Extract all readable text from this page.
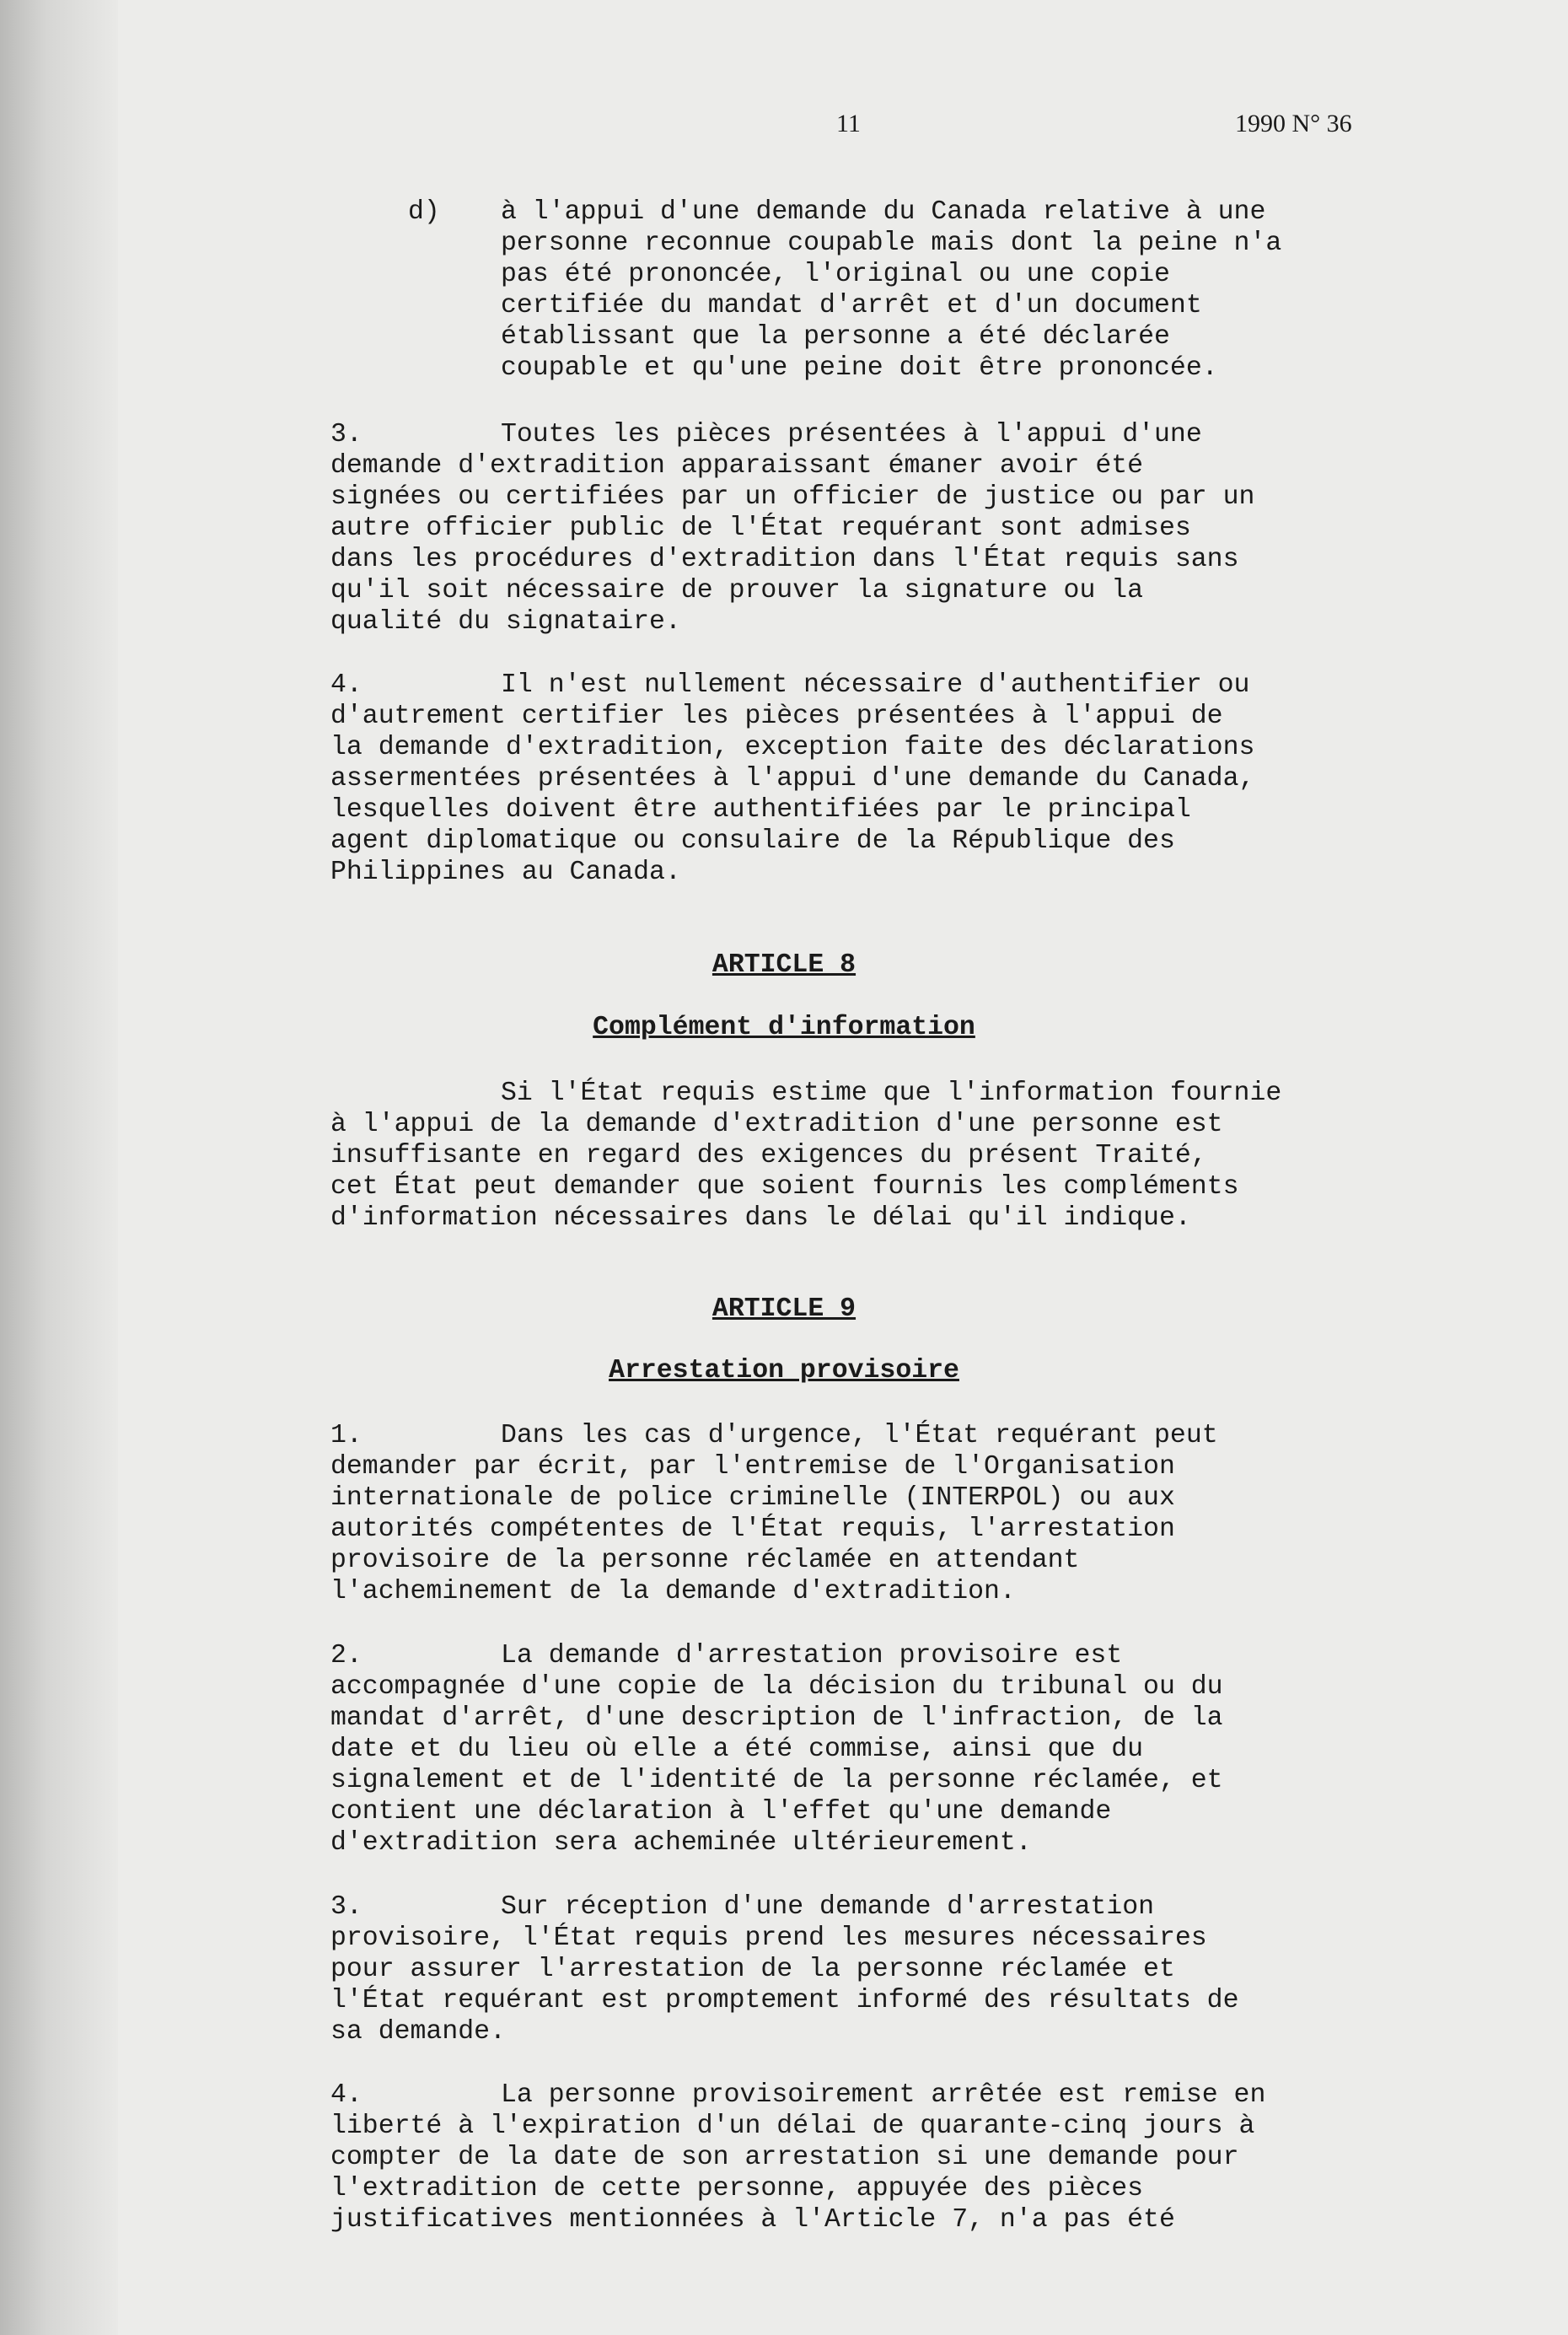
11	1990 N° 36
d) à l'appui d'une demande du Canada relative à une
personne reconnue coupable mais dont la peine n'a
pas été prononcée, l'original ou une copie
certifiée du mandat d'arrêt et d'un document
établissant que la personne a été déclarée
coupable et qu'une peine doit être prononcée.
3.	Toutes les pièces présentées à l'appui d'une
demande d'extradition apparaissant émaner avoir été
signées ou certifiées par un officier de justice ou par un
autre officier public de l'État requérant sont admises
dans les procédures d'extradition dans l'État requis sans
qu'il soit nécessaire de prouver la signature ou la
qualité du signataire.
4.	Il n'est nullement nécessaire d'authentifier ou
d'autrement certifier les pièces présentées à l'appui de
la demande d'extradition, exception faite des déclarations
assermentées présentées à l'appui d'une demande du Canada,
lesquelles doivent être authentifiées par le principal
agent diplomatique ou consulaire de la République des
Philippines au Canada.
ARTICLE 8
Complément d'information
Si l'État requis estime que l'information fournie
à l'appui de la demande d'extradition d'une personne est
insuffisante en regard des exigences du présent Traité,
cet État peut demander que soient fournis les compléments
d'information nécessaires dans le délai qu'il indique.
ARTICLE 9
Arrestation provisoire
1.	Dans les cas d'urgence, l'État requérant peut
demander par écrit, par l'entremise de l'Organisation
internationale de police criminelle (INTERPOL) ou aux
autorités compétentes de l'État requis, l'arrestation
provisoire de la personne réclamée en attendant
l'acheminement de la demande d'extradition.
2.	La demande d'arrestation provisoire est
accompagnée d'une copie de la décision du tribunal ou du
mandat d'arrêt, d'une description de l'infraction, de la
date et du lieu où elle a été commise, ainsi que du
signalement et de l'identité de la personne réclamée, et
contient une déclaration à l'effet qu'une demande
d'extradition sera acheminée ultérieurement.
3.	Sur réception d'une demande d'arrestation
provisoire, l'État requis prend les mesures nécessaires
pour assurer l'arrestation de la personne réclamée et
l'État requérant est promptement informé des résultats de
sa demande.
4.	La personne provisoirement arrêtée est remise en
liberté à l'expiration d'un délai de quarante-cinq jours à
compter de la date de son arrestation si une demande pour
l'extradition de cette personne, appuyée des pièces
justificatives mentionnées à l'Article 7, n'a pas été
